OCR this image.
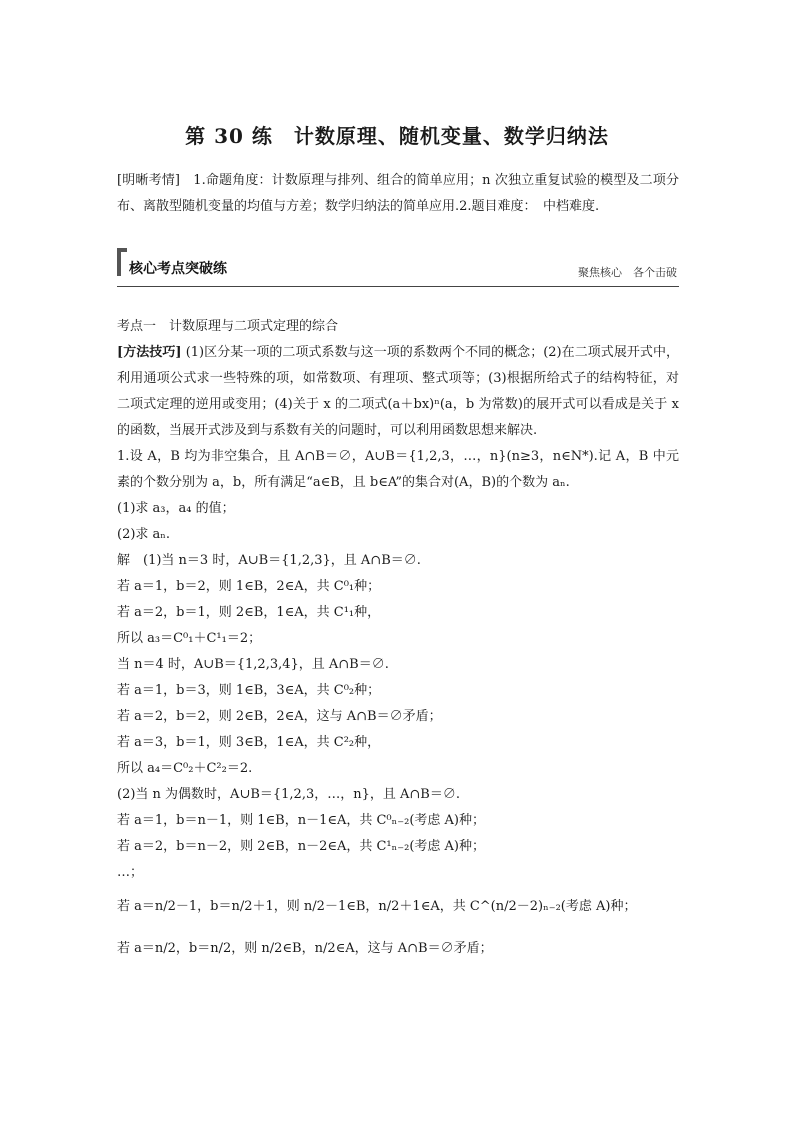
第 30 练　计数原理、随机变量、数学归纳法
[明晰考情]　1.命题角度：计数原理与排列、组合的简单应用；n 次独立重复试验的模型及二项分布、离散型随机变量的均值与方差；数学归纳法的简单应用.2.题目难度：　中档难度.
核心考点突破练	聚焦核心　各个击破
考点一　计数原理与二项式定理的综合
[方法技巧] (1)区分某一项的二项式系数与这一项的系数两个不同的概念；(2)在二项式展开式中，利用通项公式求一些特殊的项，如常数项、有理项、整式项等；(3)根据所给式子的结构特征，对二项式定理的逆用或变用；(4)关于 x 的二项式(a＋bx)ⁿ(a，b 为常数)的展开式可以看成是关于 x 的函数，当展开式涉及到与系数有关的问题时，可以利用函数思想来解决.
1.设 A，B 均为非空集合，且 A∩B＝∅，A∪B＝{1,2,3，…，n}(n≥3，n∈N*).记 A，B 中元素的个数分别为 a，b，所有满足“a∈B，且 b∈A”的集合对(A，B)的个数为 aₙ.
(1)求 a₃，a₄ 的值；
(2)求 aₙ.
解　(1)当 n＝3 时，A∪B＝{1,2,3}，且 A∩B＝∅.
若 a＝1，b＝2，则 1∈B，2∈A，共 C⁰₁种；
若 a＝2，b＝1，则 2∈B，1∈A，共 C¹₁种，
所以 a₃＝C⁰₁＋C¹₁＝2；
当 n＝4 时，A∪B＝{1,2,3,4}，且 A∩B＝∅.
若 a＝1，b＝3，则 1∈B，3∈A，共 C⁰₂种；
若 a＝2，b＝2，则 2∈B，2∈A，这与 A∩B＝∅矛盾；
若 a＝3，b＝1，则 3∈B，1∈A，共 C²₂种，
所以 a₄＝C⁰₂＋C²₂＝2.
(2)当 n 为偶数时，A∪B＝{1,2,3，…，n}，且 A∩B＝∅.
若 a＝1，b＝n－1，则 1∈B，n－1∈A，共 C⁰ₙ₋₂(考虑 A)种；
若 a＝2，b＝n－2，则 2∈B，n－2∈A，共 C¹ₙ₋₂(考虑 A)种；
…；
若 a＝n/2－1，b＝n/2＋1，则 n/2－1∈B，n/2＋1∈A，共 C^(n/2－2)ₙ₋₂(考虑 A)种；
若 a＝n/2，b＝n/2，则 n/2∈B，n/2∈A，这与 A∩B＝∅矛盾；
